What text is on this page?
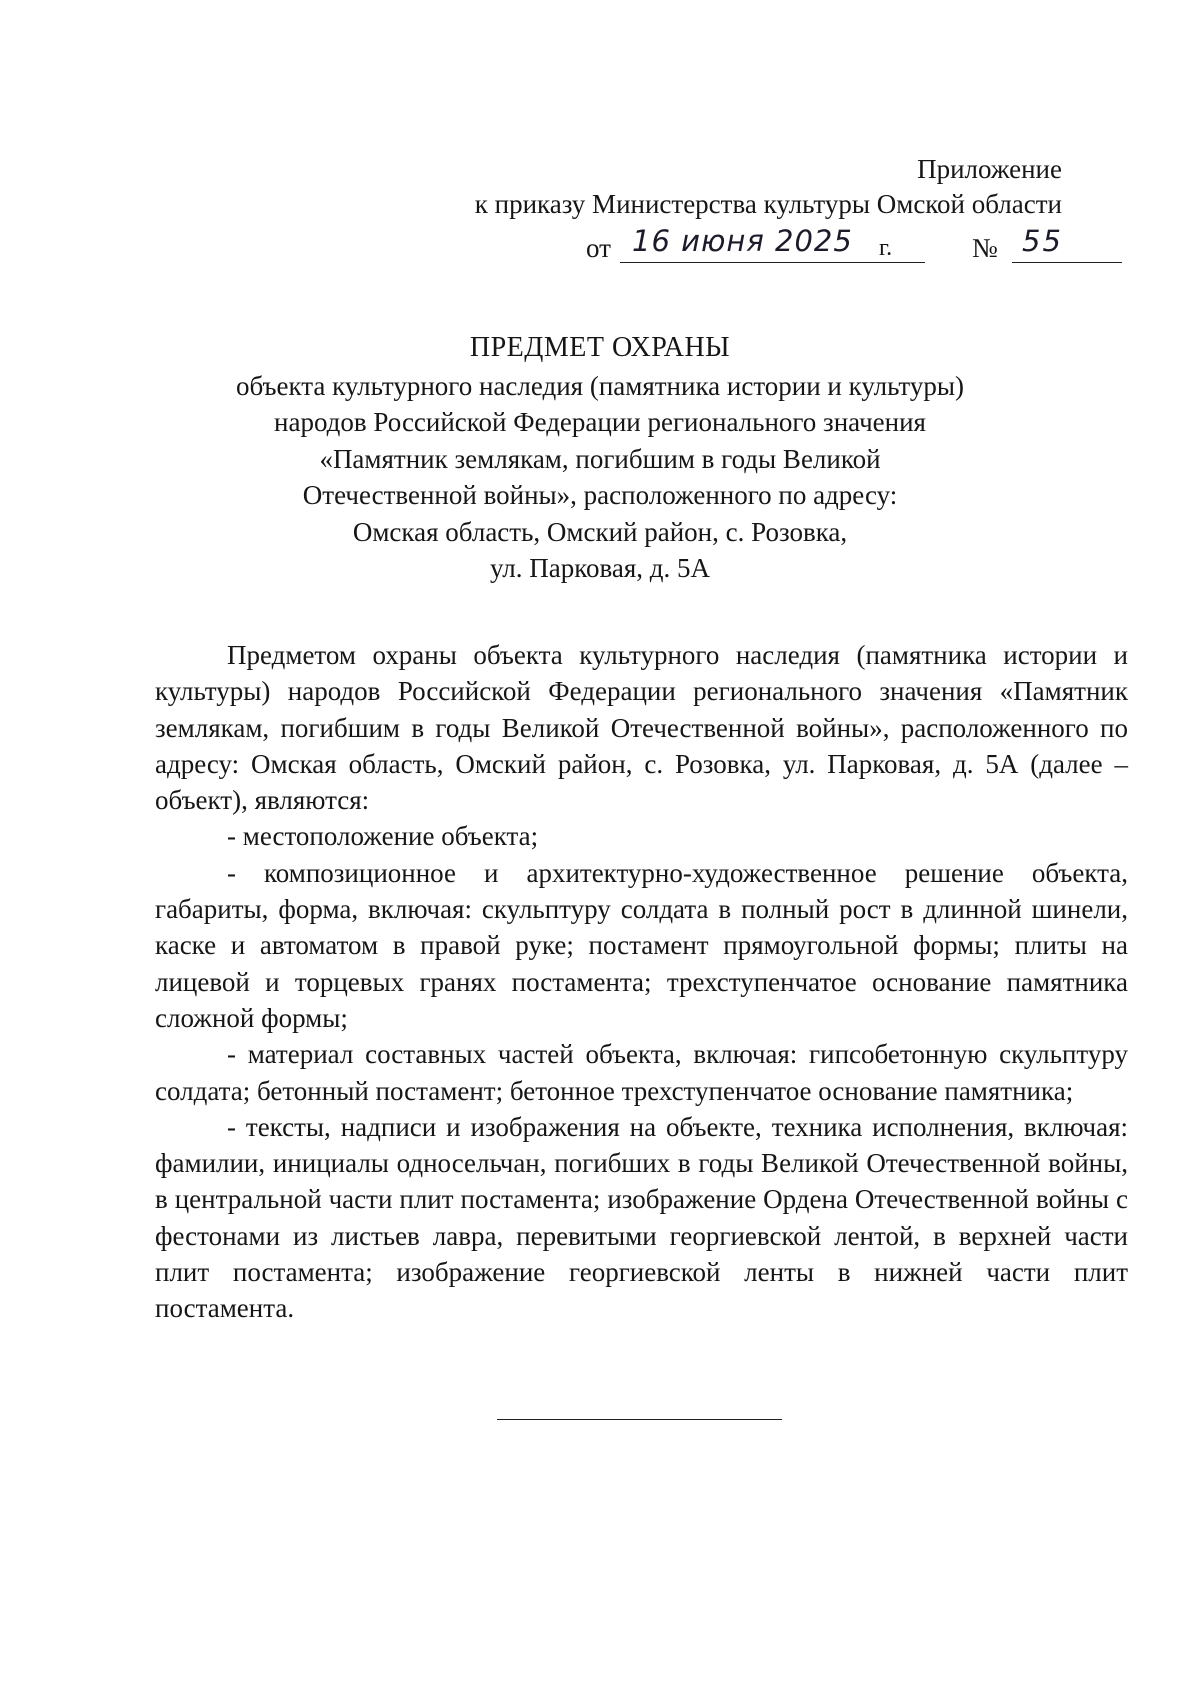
Приложение
к приказу Министерства культуры Омской области
от 16 июня 2025 г.	№ 55
ПРЕДМЕТ ОХРАНЫ
объекта культурного наследия (памятника истории и культуры)
народов Российской Федерации регионального значения
«Памятник землякам, погибшим в годы Великой
Отечественной войны», расположенного по адресу:
Омская область, Омский район, с. Розовка,
ул. Парковая, д. 5А

Предметом охраны объекта культурного наследия (памятника истории и культуры) народов Российской Федерации регионального значения «Памятник землякам, погибшим в годы Великой Отечественной войны», расположенного по адресу: Омская область, Омский район, с. Розовка, ул. Парковая, д. 5А (далее – объект), являются:

- местоположение объекта;

- композиционное и архитектурно-художественное решение объекта, габариты, форма, включая: скульптуру солдата в полный рост в длинной шинели, каске и автоматом в правой руке; постамент прямоугольной формы; плиты на лицевой и торцевых гранях постамента; трехступенчатое основание памятника сложной формы;

- материал составных частей объекта, включая: гипсобетонную скульптуру солдата; бетонный постамент; бетонное трехступенчатое основание памятника;

- тексты, надписи и изображения на объекте, техника исполнения, включая: фамилии, инициалы односельчан, погибших в годы Великой Отечественной войны, в центральной части плит постамента; изображение Ордена Отечественной войны с фестонами из листьев лавра, перевитыми георгиевской лентой, в верхней части плит постамента; изображение георгиевской ленты в нижней части плит постамента.
